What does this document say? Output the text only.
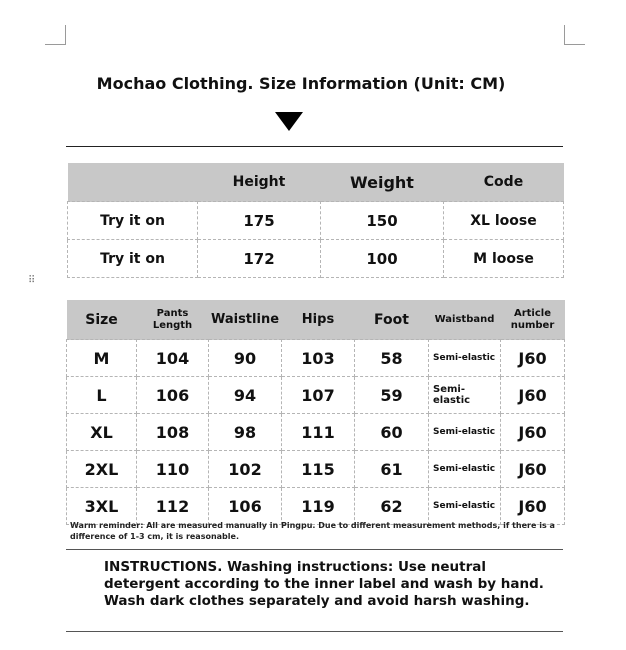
⠿
Mochao Clothing. Size Information (Unit: CM)
	Height	Weight	Code
Try it on	175	150	XL loose
Try it on	172	100	M loose
Size	Pants Length	Waistline	Hips	Foot	Waistband	Article number
M	104	90	103	58	Semi-elastic	J60
L	106	94	107	59	Semi-elastic	J60
XL	108	98	111	60	Semi-elastic	J60
2XL	110	102	115	61	Semi-elastic	J60
3XL	112	106	119	62	Semi-elastic	J60
Warm reminder: All are measured manually in Pingpu. Due to different measurement methods, if there is a difference of 1-3 cm, it is reasonable.
INSTRUCTIONS. Washing instructions: Use neutral detergent according to the inner label and wash by hand. Wash dark clothes separately and avoid harsh washing.
